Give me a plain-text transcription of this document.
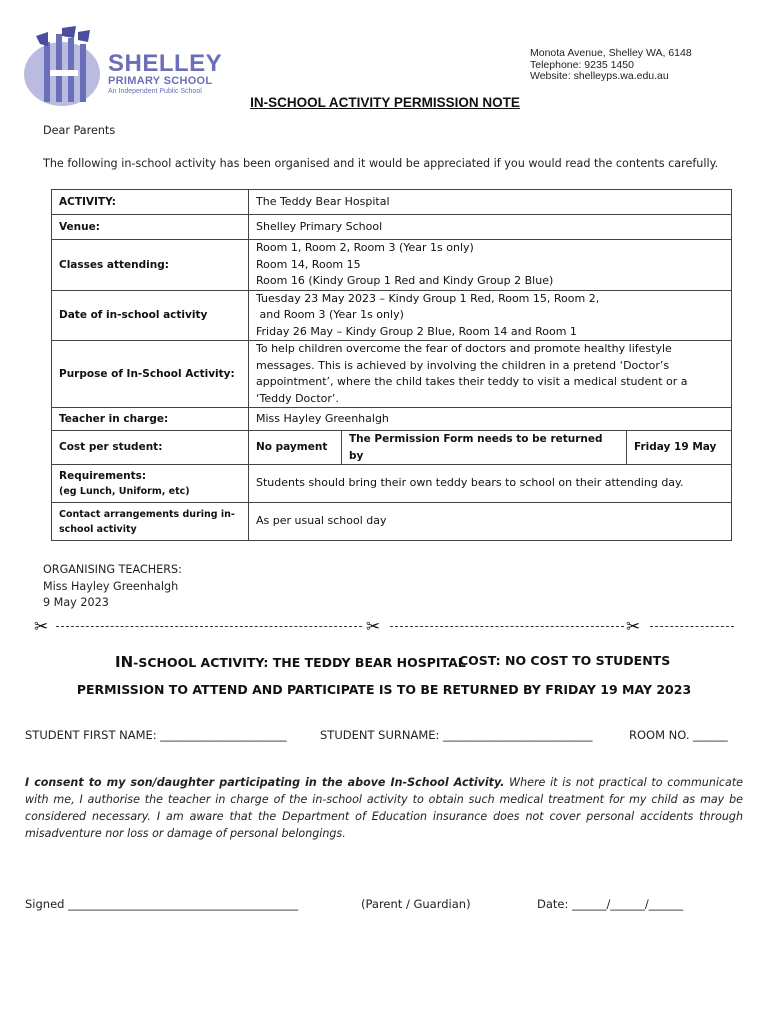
SHELLEY
PRIMARY SCHOOL
An Independent Public School
Monota Avenue, Shelley WA, 6148
Telephone: 9235 1450
Website: shelleyps.wa.edu.au
IN-SCHOOL ACTIVITY PERMISSION NOTE
Dear Parents
The following in-school activity has been organised and it would be appreciated if you would read the contents carefully.
ACTIVITY:	The Teddy Bear Hospital		
Venue:	Shelley Primary School		
Classes attending:	Room 1, Room 2, Room 3 (Year 1s only)
Room 14, Room 15
Room 16 (Kindy Group 1 Red and Kindy Group 2 Blue)		

Date of in-school activity	Tuesday 23 May 2023 – Kindy Group 1 Red, Room 15, Room 2,
and Room 3 (Year 1s only)
Friday 26 May – Kindy Group 2 Blue, Room 14 and Room 1		

Purpose of In-School Activity:	To help children overcome the fear of doctors and promote healthy lifestyle
messages. This is achieved by involving the children in a pretend ‘Doctor’s
appointment’, where the child takes their teddy to visit a medical student or a
‘Teddy Doctor’.		

Teacher in charge:	Miss Hayley Greenhalgh		
Cost per student:	No payment	The Permission Form needs to be returned by	Friday 19 May

Requirements:
(eg Lunch, Uniform, etc)	Students should bring their own teddy bears to school on their attending day.		

Contact arrangements during in-
school activity	As per usual school day		
ORGANISING TEACHERS:
Miss Hayley Greenhalgh
9 May 2023
✂	✂	✂
IN-SCHOOL ACTIVITY: THE TEDDY BEAR HOSPITAL
COST: NO COST TO STUDENTS
PERMISSION TO ATTEND AND PARTICIPATE IS TO BE RETURNED BY FRIDAY 19 MAY 2023
STUDENT FIRST NAME: ______________________	STUDENT SURNAME: __________________________	ROOM NO. ______
I consent to my son/daughter participating in the above In-School Activity. Where it is not practical to communicate with me, I authorise the teacher in charge of the in-school activity to obtain such medical treatment for my child as may be considered necessary. I am aware that the Department of Education insurance does not cover personal accidents through misadventure nor loss or damage of personal belongings.
Signed ________________________________________	(Parent / Guardian)	Date: ______/______/______
